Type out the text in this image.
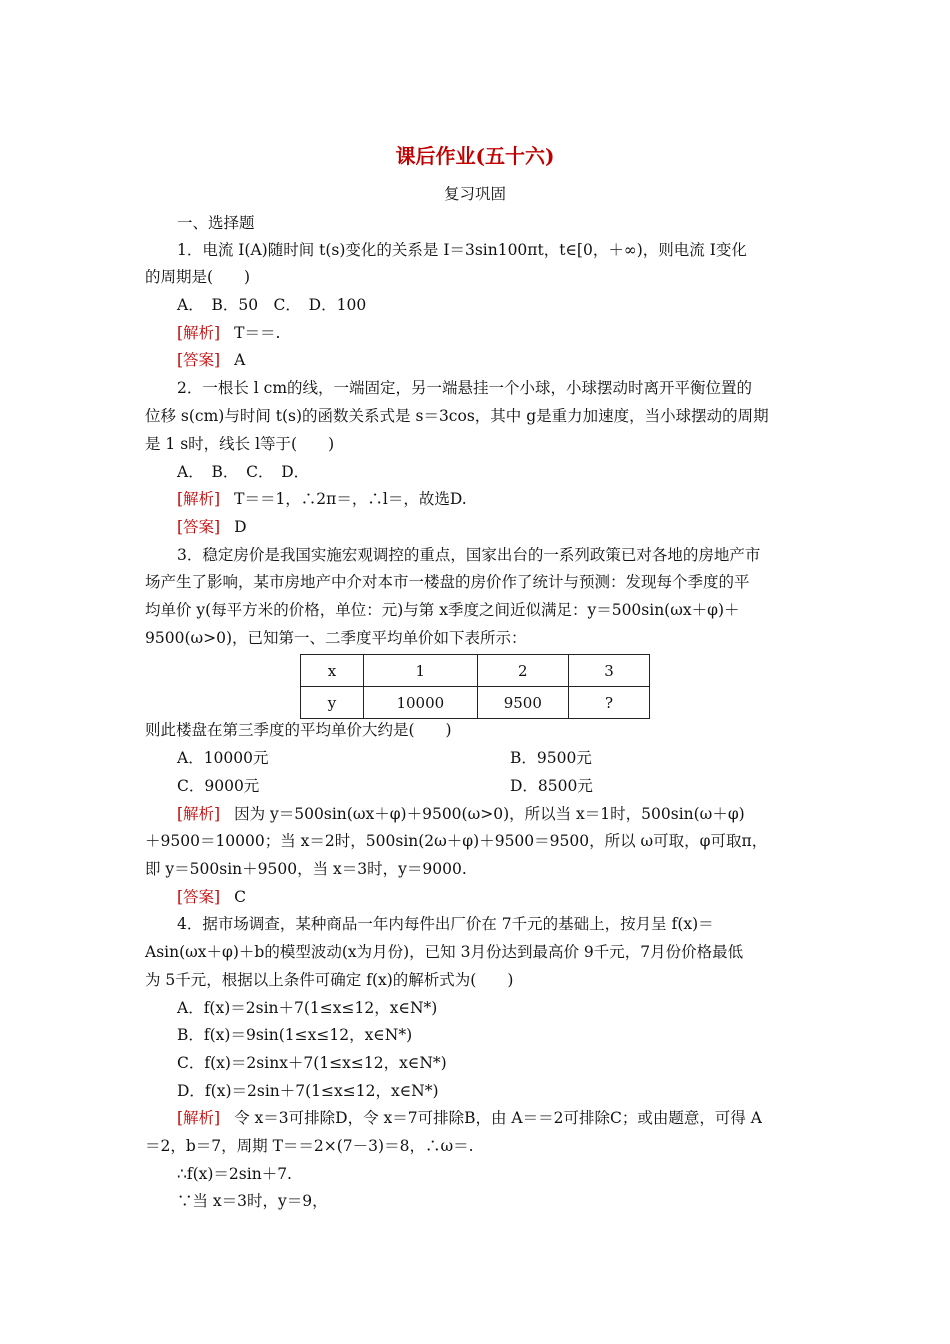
课后作业(五十六)
复习巩固
一、选择题
1．电流 I(A)随时间 t(s)变化的关系是 I＝3sin100πt，t∈[0，＋∞)，则电流 I变化
的周期是(　　)
A．　B．50　C．　D．100
[解析] T＝＝.
[答案] A
2．一根长 l cm的线，一端固定，另一端悬挂一个小球，小球摆动时离开平衡位置的
位移 s(cm)与时间 t(s)的函数关系式是 s＝3cos，其中 g是重力加速度，当小球摆动的周期
是 1 s时，线长 l等于(　　)
A．　B．　C．　D．
[解析] T＝＝1，∴2π＝，∴l＝，故选D.
[答案] D
3．稳定房价是我国实施宏观调控的重点，国家出台的一系列政策已对各地的房地产市
场产生了影响，某市房地产中介对本市一楼盘的房价作了统计与预测：发现每个季度的平
均单价 y(每平方米的价格，单位：元)与第 x季度之间近似满足：y＝500sin(ωx＋φ)＋
9500(ω>0)，已知第一、二季度平均单价如下表所示：
x	1	2	3
y	10000	9500	?
则此楼盘在第三季度的平均单价大约是(　　)
A．10000元	B．9500元
C．9000元	D．8500元
[解析] 因为 y＝500sin(ωx＋φ)＋9500(ω>0)，所以当 x＝1时，500sin(ω＋φ)
＋9500＝10000；当 x＝2时，500sin(2ω＋φ)＋9500＝9500，所以 ω可取，φ可取π，
即 y＝500sin＋9500，当 x＝3时，y＝9000.
[答案] C
4．据市场调查，某种商品一年内每件出厂价在 7千元的基础上，按月呈 f(x)＝
Asin(ωx＋φ)＋b的模型波动(x为月份)，已知 3月份达到最高价 9千元，7月份价格最低
为 5千元，根据以上条件可确定 f(x)的解析式为(　　)
A．f(x)＝2sin＋7(1≤x≤12，x∈N*)
B．f(x)＝9sin(1≤x≤12，x∈N*)
C．f(x)＝2sinx＋7(1≤x≤12，x∈N*)
D．f(x)＝2sin＋7(1≤x≤12，x∈N*)
[解析] 令 x＝3可排除D，令 x＝7可排除B，由 A＝＝2可排除C；或由题意，可得 A
＝2，b＝7，周期 T＝＝2×(7－3)＝8，∴ω＝.
∴f(x)＝2sin＋7.
∵当 x＝3时，y＝9，
